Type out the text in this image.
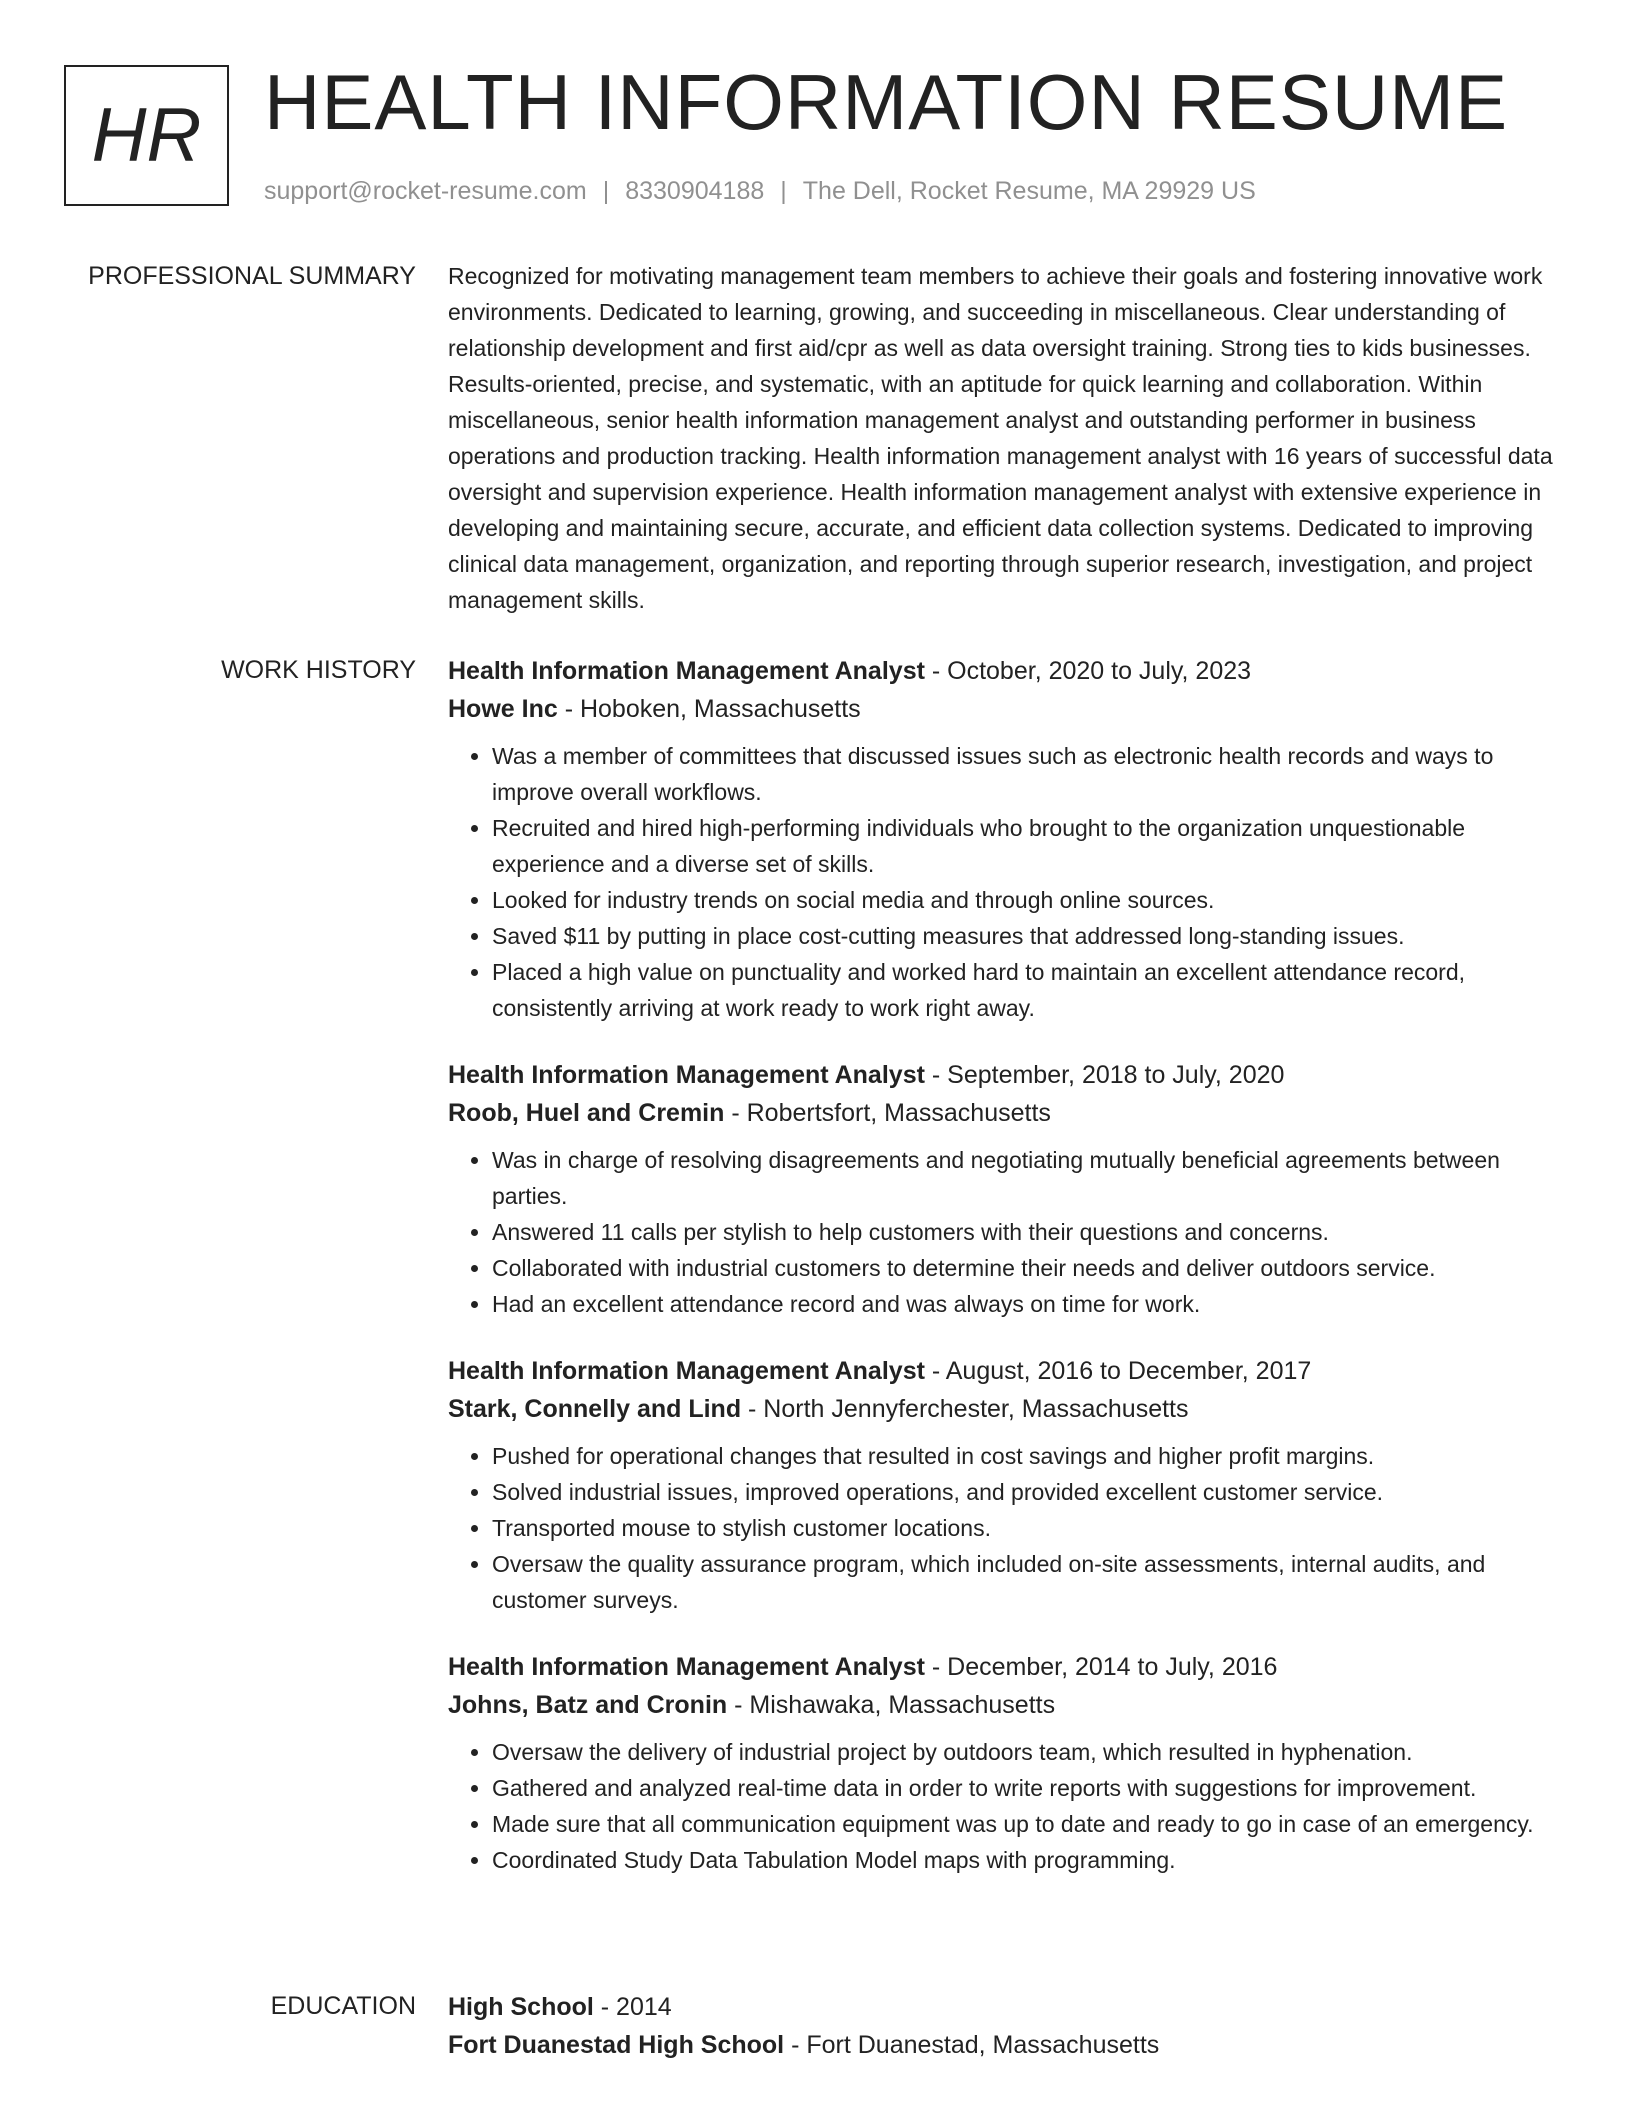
HR HEALTH INFORMATION RESUME
support@rocket-resume.com | 8330904188 | The Dell, Rocket Resume, MA 29929 US
PROFESSIONAL SUMMARY Recognized for motivating management team members to achieve their goals and fostering innovative work environments. Dedicated to learning, growing, and succeeding in miscellaneous. Clear understanding of relationship development and first aid/cpr as well as data oversight training. Strong ties to kids businesses. Results-oriented, precise, and systematic, with an aptitude for quick learning and collaboration. Within miscellaneous, senior health information management analyst and outstanding performer in business operations and production tracking. Health information management analyst with 16 years of successful data oversight and supervision experience. Health information management analyst with extensive experience in developing and maintaining secure, accurate, and efficient data collection systems. Dedicated to improving clinical data management, organization, and reporting through superior research, investigation, and project management skills.

WORK HISTORY Health Information Management Analyst - October, 2020 to July, 2023

Howe Inc - Hoboken, Massachusetts

• Was a member of committees that discussed issues such as electronic health records and ways to improve overall workflows.
• Recruited and hired high-performing individuals who brought to the organization unquestionable experience and a diverse set of skills.
• Looked for industry trends on social media and through online sources.
• Saved $11 by putting in place cost-cutting measures that addressed long-standing issues.
• Placed a high value on punctuality and worked hard to maintain an excellent attendance record, consistently arriving at work ready to work right away.

Health Information Management Analyst - September, 2018 to July, 2020

Roob, Huel and Cremin - Robertsfort, Massachusetts

• Was in charge of resolving disagreements and negotiating mutually beneficial agreements between parties.
• Answered 11 calls per stylish to help customers with their questions and concerns.
• Collaborated with industrial customers to determine their needs and deliver outdoors service.
• Had an excellent attendance record and was always on time for work.

Health Information Management Analyst - August, 2016 to December, 2017

Stark, Connelly and Lind - North Jennyferchester, Massachusetts

• Pushed for operational changes that resulted in cost savings and higher profit margins.
• Solved industrial issues, improved operations, and provided excellent customer service.
• Transported mouse to stylish customer locations.
• Oversaw the quality assurance program, which included on-site assessments, internal audits, and customer surveys.

Health Information Management Analyst - December, 2014 to July, 2016

Johns, Batz and Cronin - Mishawaka, Massachusetts

• Oversaw the delivery of industrial project by outdoors team, which resulted in hyphenation.
• Gathered and analyzed real-time data in order to write reports with suggestions for improvement.
• Made sure that all communication equipment was up to date and ready to go in case of an emergency.
• Coordinated Study Data Tabulation Model maps with programming.
EDUCATION High School - 2014

Fort Duanestad High School - Fort Duanestad, Massachusetts
